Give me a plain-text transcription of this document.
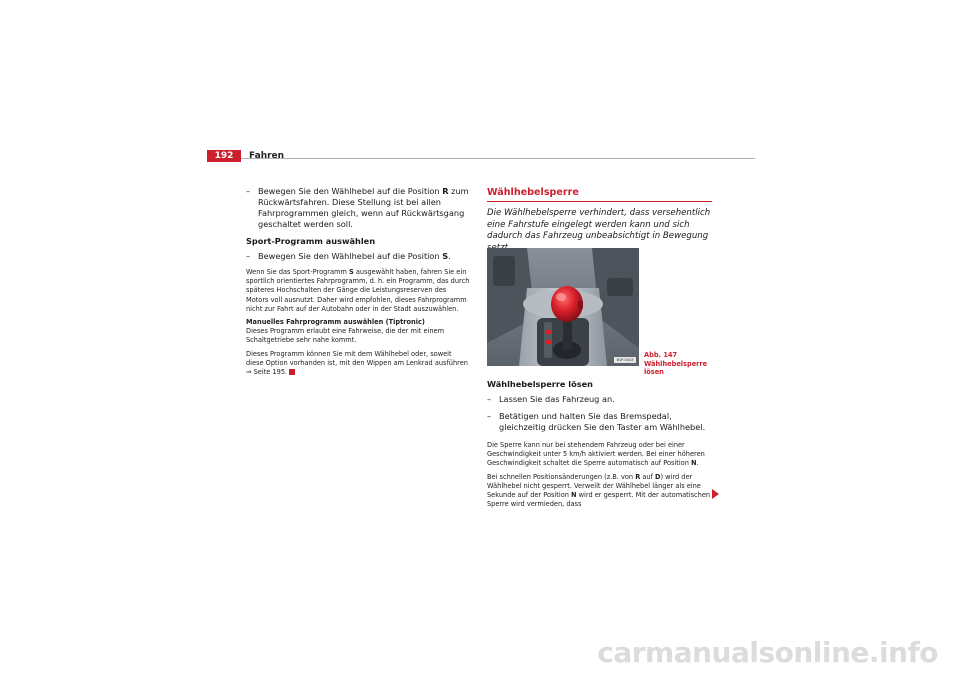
192	Fahren
– Bewegen Sie den Wählhebel auf die Position R zum Rückwärtsfahren. Diese Stellung ist bei allen Fahrprogrammen gleich, wenn auf Rückwärtsgang geschaltet werden soll.
Sport-Programm auswählen
– Bewegen Sie den Wählhebel auf die Position S.

Wenn Sie das Sport-Programm S ausgewählt haben, fahren Sie ein sportlich orientiertes Fahrprogramm, d. h. ein Programm, das durch späteres Hochschalten der Gänge die Leistungsreserven des Motors voll ausnutzt. Daher wird empfohlen, dieses Fahrprogramm nicht zur Fahrt auf der Autobahn oder in der Stadt auszuwählen.

Manuelles Fahrprogramm auswählen (Tiptronic)

Dieses Programm erlaubt eine Fahrweise, die der mit einem Schaltgetriebe sehr nahe kommt.

Dieses Programm können Sie mit dem Wählhebel oder, soweit diese Option vorhanden ist, mit den Wippen am Lenkrad ausführen ⇒ Seite 195.

Wählhebelsperre
Die Wählhebelsperre verhindert, dass versehentlich eine Fahrstufe eingelegt werden kann und sich dadurch das Fahrzeug unbeabsichtigt in Bewegung
B1P-0443
Abb. 147 Wählhebelsperre lösen
Wählhebelsperre lösen
– Lassen Sie das Fahrzeug an.
– Betätigen und halten Sie das Bremspedal, gleichzeitig drücken Sie den Taster am Wählhebel.

Die Sperre kann nur bei stehendem Fahrzeug oder bei einer Geschwindigkeit unter 5 km/h aktiviert werden. Bei einer höheren Geschwindigkeit schaltet die Sperre automatisch auf Position N.

Bei schnellen Positionsänderungen (z.B. von R auf D) wird der Wählhebel nicht gesperrt. Verweilt der Wählhebel länger als eine Sekunde auf der Position N wird er gesperrt. Mit der automatischen Sperre wird vermieden, dass

carmanualsonline.info
